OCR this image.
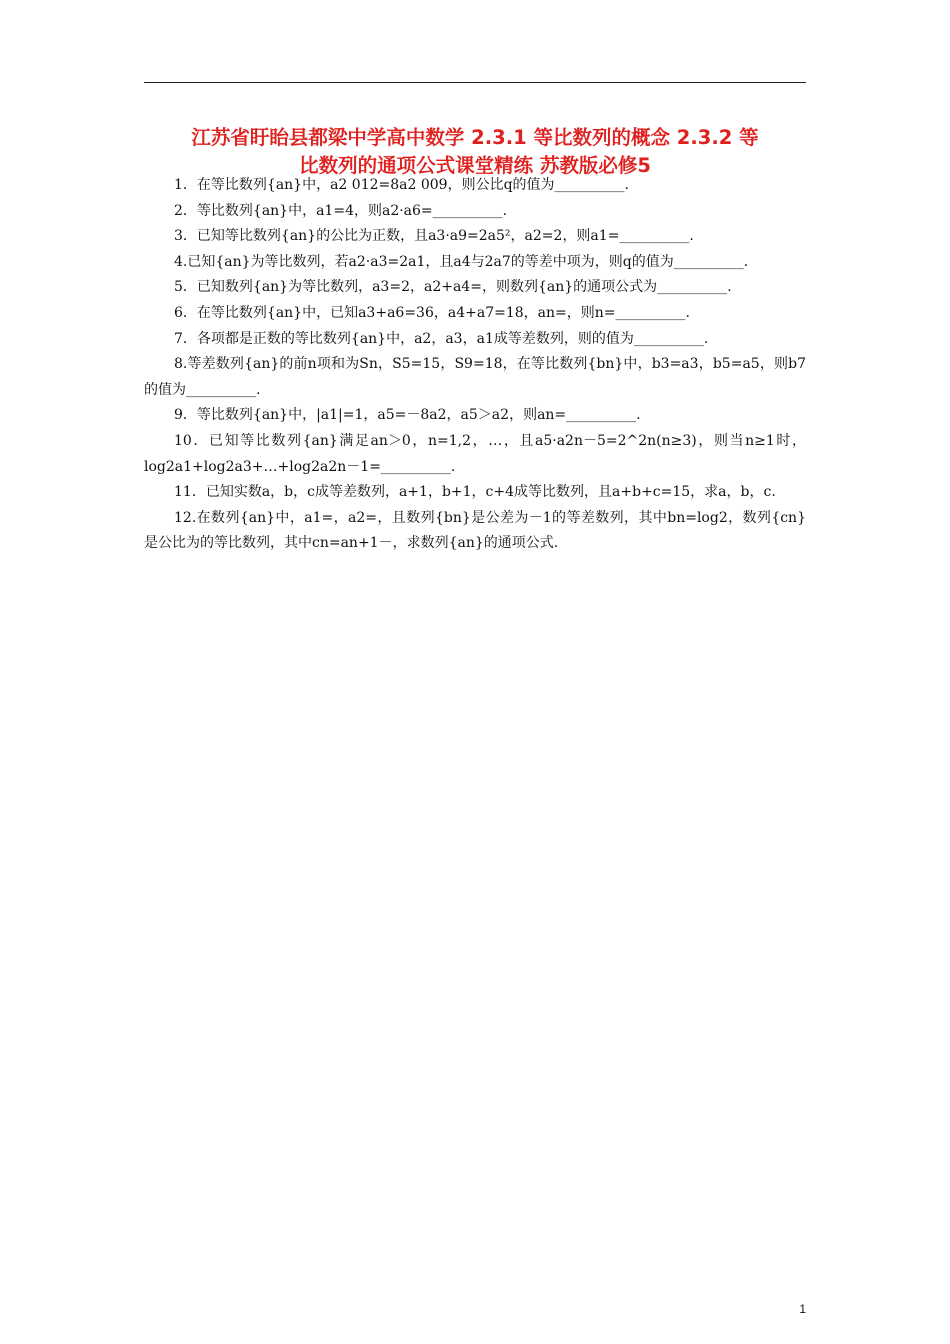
江苏省盱眙县都梁中学高中数学 2.3.1 等比数列的概念 2.3.2 等
比数列的通项公式课堂精练 苏教版必修5

1．在等比数列{an}中，a2 012=8a2 009，则公比q的值为__________.

2．等比数列{an}中，a1=4，则a2·a6=__________.

3．已知等比数列{an}的公比为正数，且a3·a9=2a5²，a2=2，则a1=__________.

4.已知{an}为等比数列，若a2·a3=2a1，且a4与2a7的等差中项为，则q的值为__________.

5．已知数列{an}为等比数列，a3=2，a2+a4=，则数列{an}的通项公式为__________.

6．在等比数列{an}中，已知a3+a6=36，a4+a7=18，an=，则n=__________.

7．各项都是正数的等比数列{an}中，a2，a3，a1成等差数列，则的值为__________.

8.等差数列{an}的前n项和为Sn，S5=15，S9=18，在等比数列{bn}中，b3=a3，b5=a5，则b7的值为__________.

9．等比数列{an}中，|a1|=1，a5=－8a2，a5＞a2，则an=__________.

10．已知等比数列{an}满足an＞0，n=1,2，…，且a5·a2n－5=2^2n(n≥3)，则当n≥1时，log2a1+log2a3+…+log2a2n－1=__________.

11．已知实数a，b，c成等差数列，a+1，b+1，c+4成等比数列，且a+b+c=15，求a，b，c.

12.在数列{an}中，a1=，a2=，且数列{bn}是公差为－1的等差数列，其中bn=log2，数列{cn}是公比为的等比数列，其中cn=an+1－，求数列{an}的通项公式.

1
